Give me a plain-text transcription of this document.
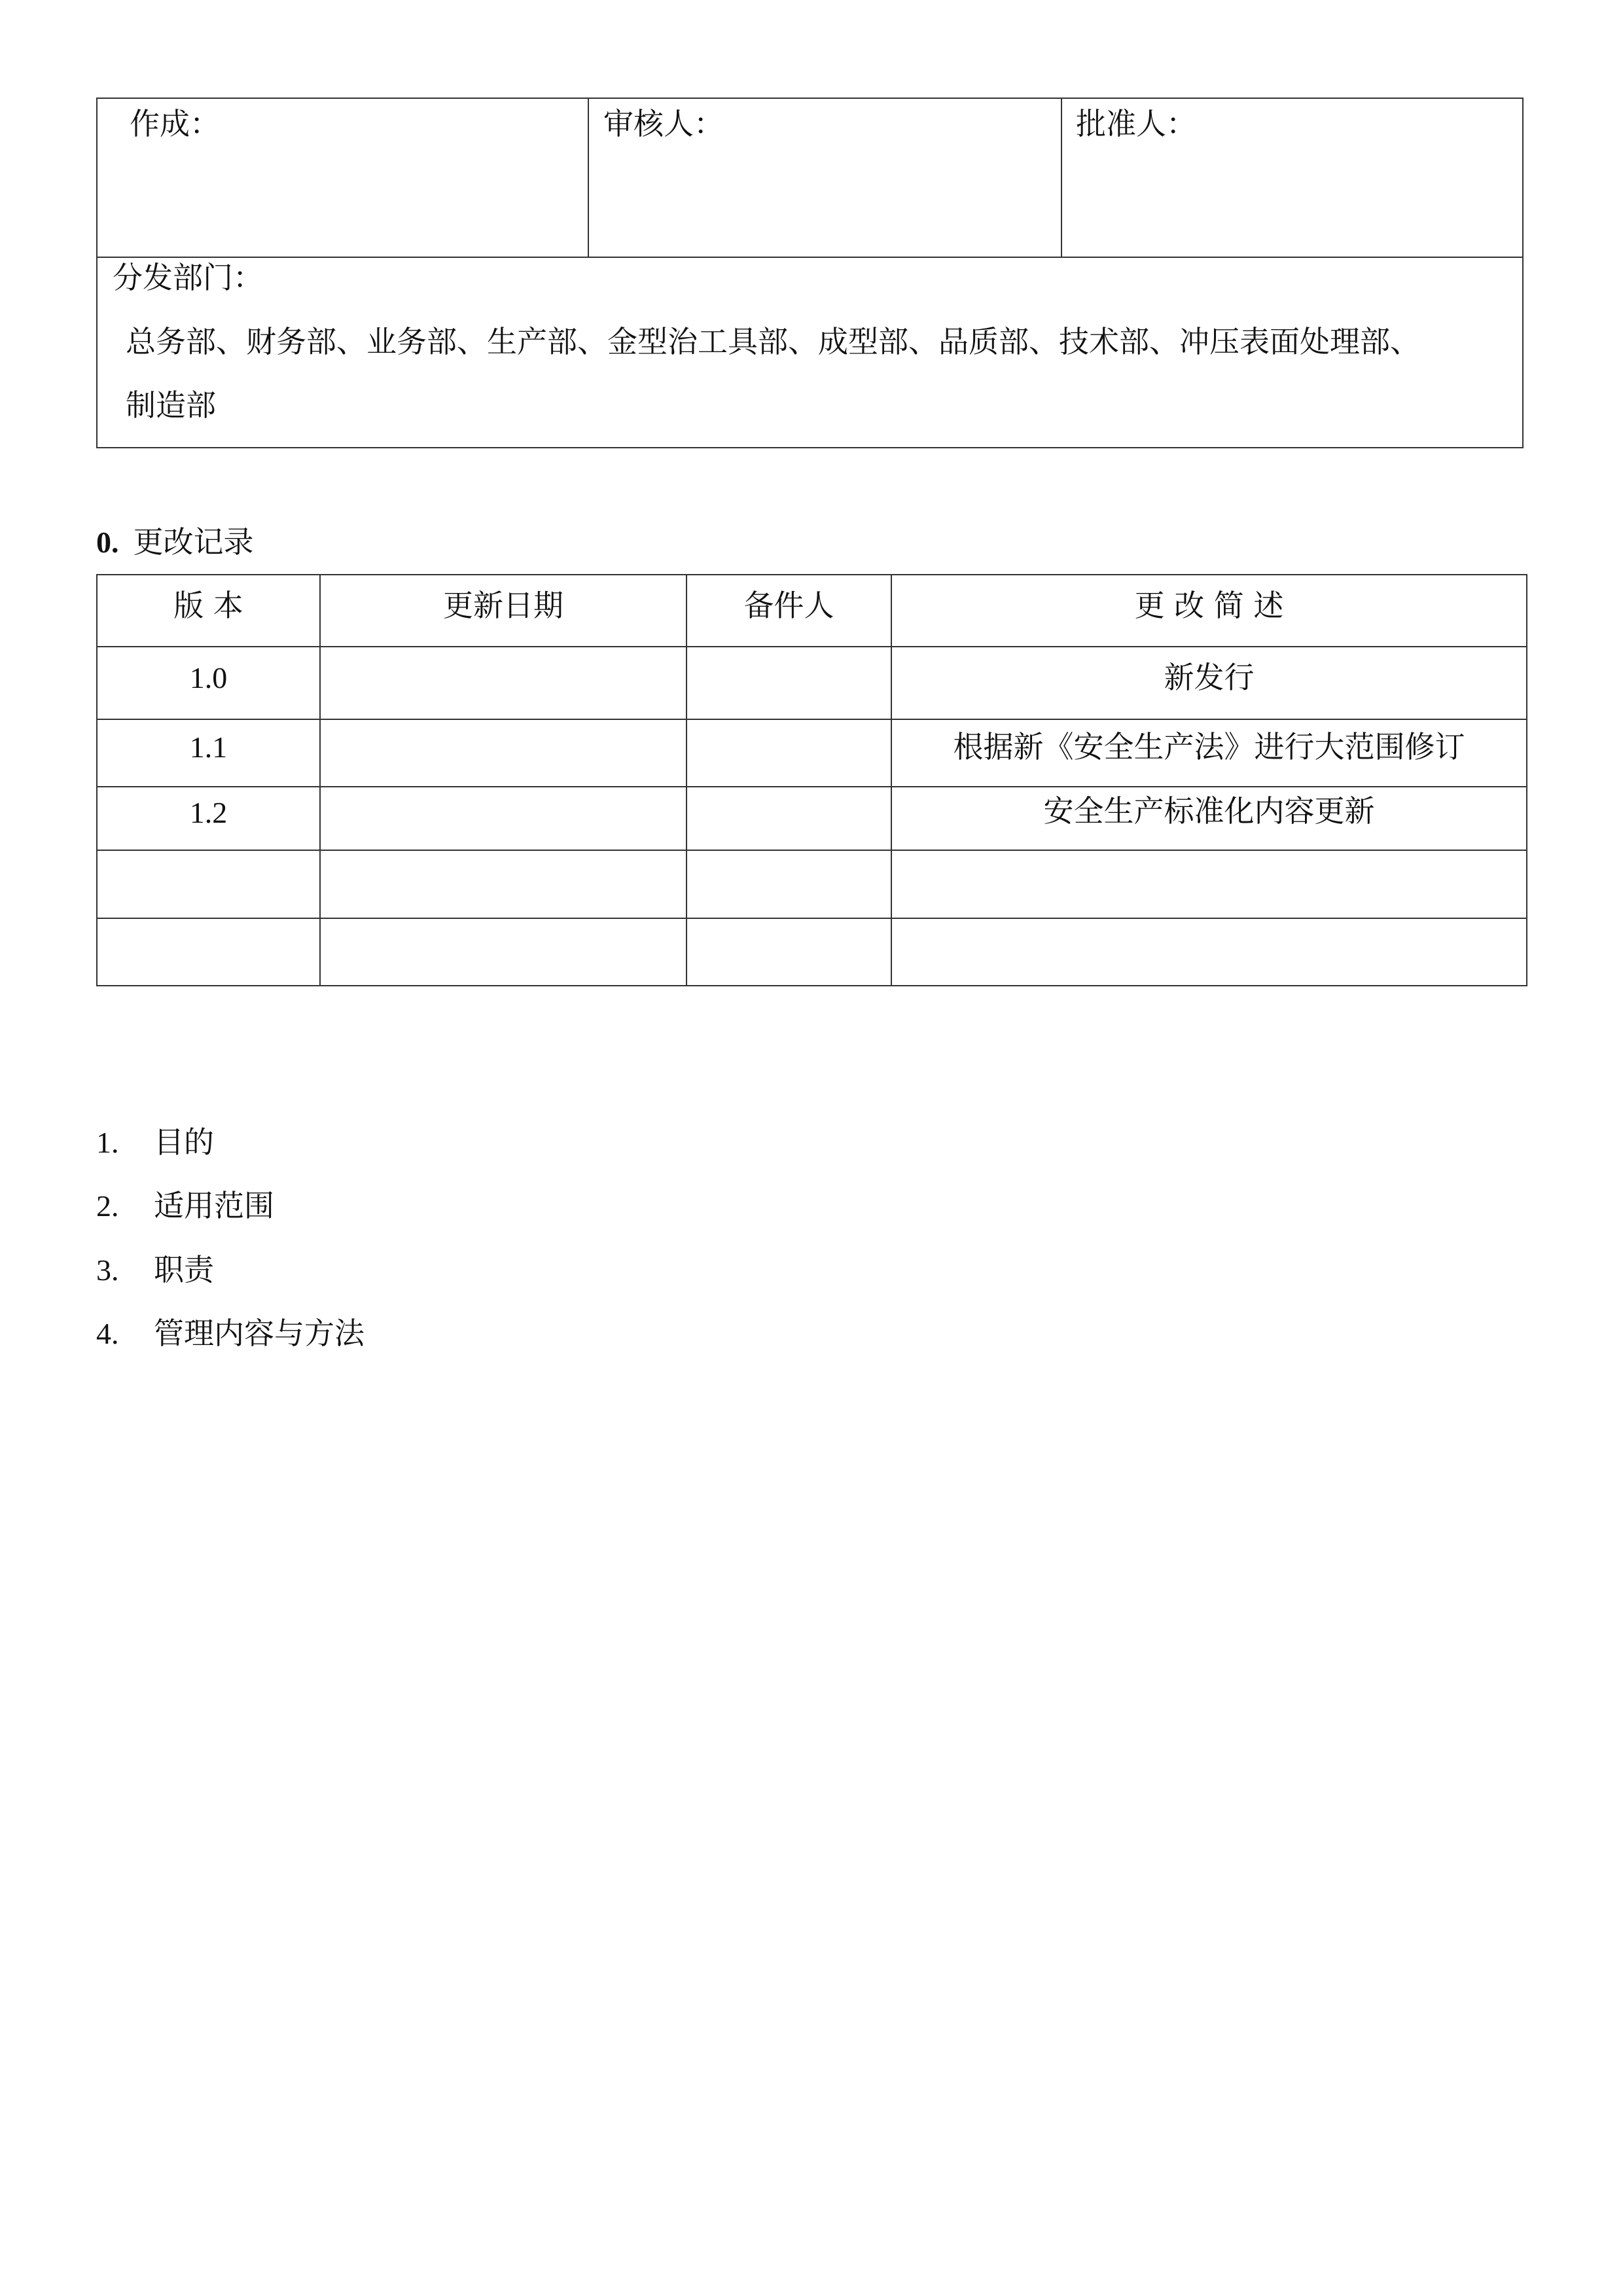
作成：	审核人：	批准人：
分发部门：
总务部、财务部、业务部、生产部、金型治工具部、成型部、品质部、技术部、冲压表面处理部、
制造部
0. 更改记录
版 本	更新日期	备件人	更 改 简 述
1.0			新发行
1.1			根据新《安全生产法》进行大范围修订
1.2			安全生产标准化内容更新

1. 目的
2. 适用范围
3. 职责
4. 管理内容与方法
